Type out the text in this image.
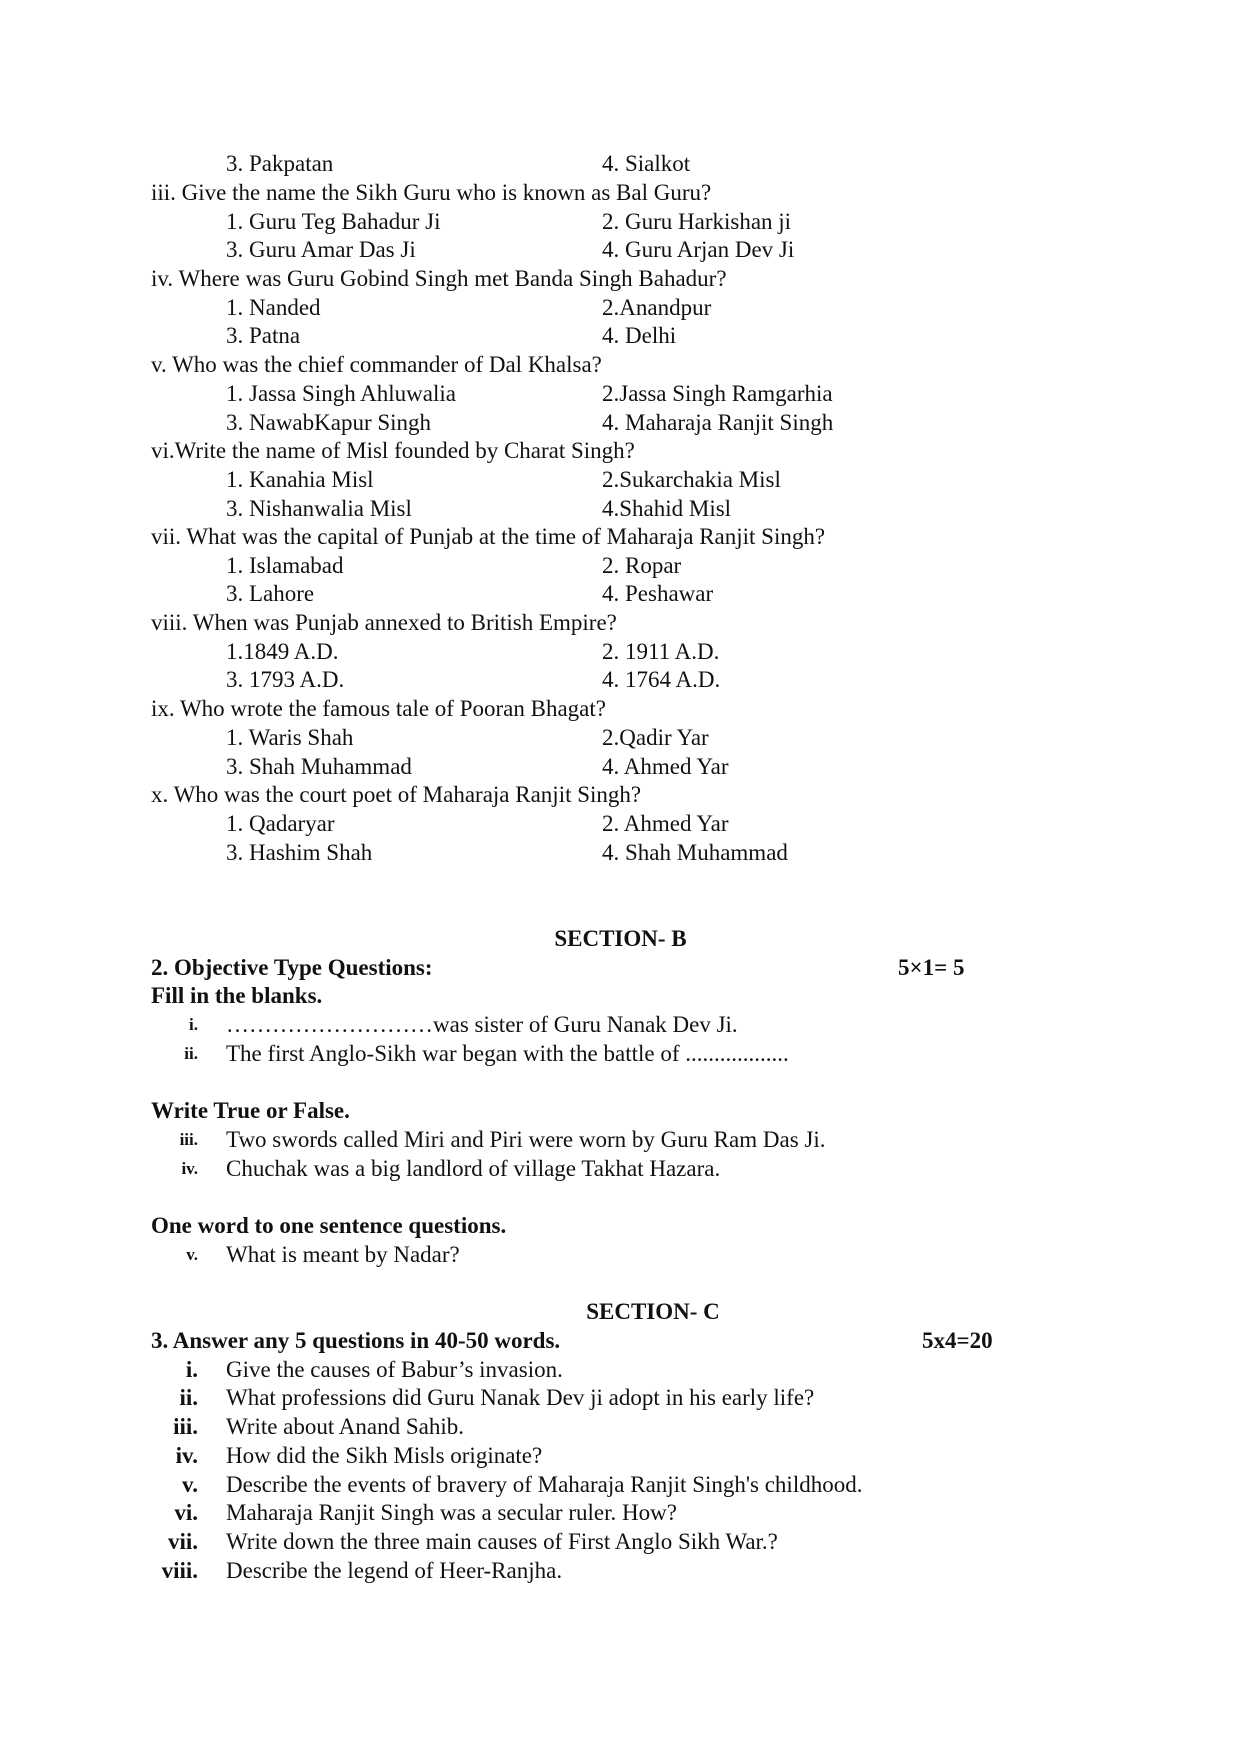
3. Pakpatan	4. Sialkot
iii. Give the name the Sikh Guru who is known as Bal Guru?
1. Guru Teg Bahadur Ji	2. Guru Harkishan ji
3. Guru Amar Das Ji	4. Guru Arjan Dev Ji
iv. Where was Guru Gobind Singh met Banda Singh Bahadur?
1. Nanded	2.Anandpur
3. Patna	4. Delhi
v. Who was the chief commander of Dal Khalsa?
1. Jassa Singh Ahluwalia	2.Jassa Singh Ramgarhia
3. NawabKapur Singh	4. Maharaja Ranjit Singh
vi.Write the name of Misl founded by Charat Singh?
1. Kanahia Misl	2.Sukarchakia Misl
3. Nishanwalia Misl	4.Shahid Misl
vii. What was the capital of Punjab at the time of Maharaja Ranjit Singh?
1. Islamabad	2. Ropar
3. Lahore	4. Peshawar
viii. When was Punjab annexed to British Empire?
1.1849 A.D.	2. 1911 A.D.
3. 1793 A.D.	4. 1764 A.D.
ix. Who wrote the famous tale of Pooran Bhagat?
1. Waris Shah	2.Qadir Yar
3. Shah Muhammad	4. Ahmed Yar
x. Who was the court poet of Maharaja Ranjit Singh?
1. Qadaryar	2. Ahmed Yar
3. Hashim Shah	4. Shah Muhammad
SECTION- B
2. Objective Type Questions:	5×1= 5
Fill in the blanks.
i. ………………………was sister of Guru Nanak Dev Ji.
ii. The first Anglo-Sikh war began with the battle of ..................
Write True or False.
iii. Two swords called Miri and Piri were worn by Guru Ram Das Ji.
iv. Chuchak was a big landlord of village Takhat Hazara.
One word to one sentence questions.
v. What is meant by Nadar?
SECTION- C
3. Answer any 5 questions in 40-50 words.	5x4=20
i. Give the causes of Babur’s invasion.
ii. What professions did Guru Nanak Dev ji adopt in his early life?
iii. Write about Anand Sahib.
iv. How did the Sikh Misls originate?
v. Describe the events of bravery of Maharaja Ranjit Singh's childhood.
vi. Maharaja Ranjit Singh was a secular ruler. How?
vii. Write down the three main causes of First Anglo Sikh War.?
viii. Describe the legend of Heer-Ranjha.
